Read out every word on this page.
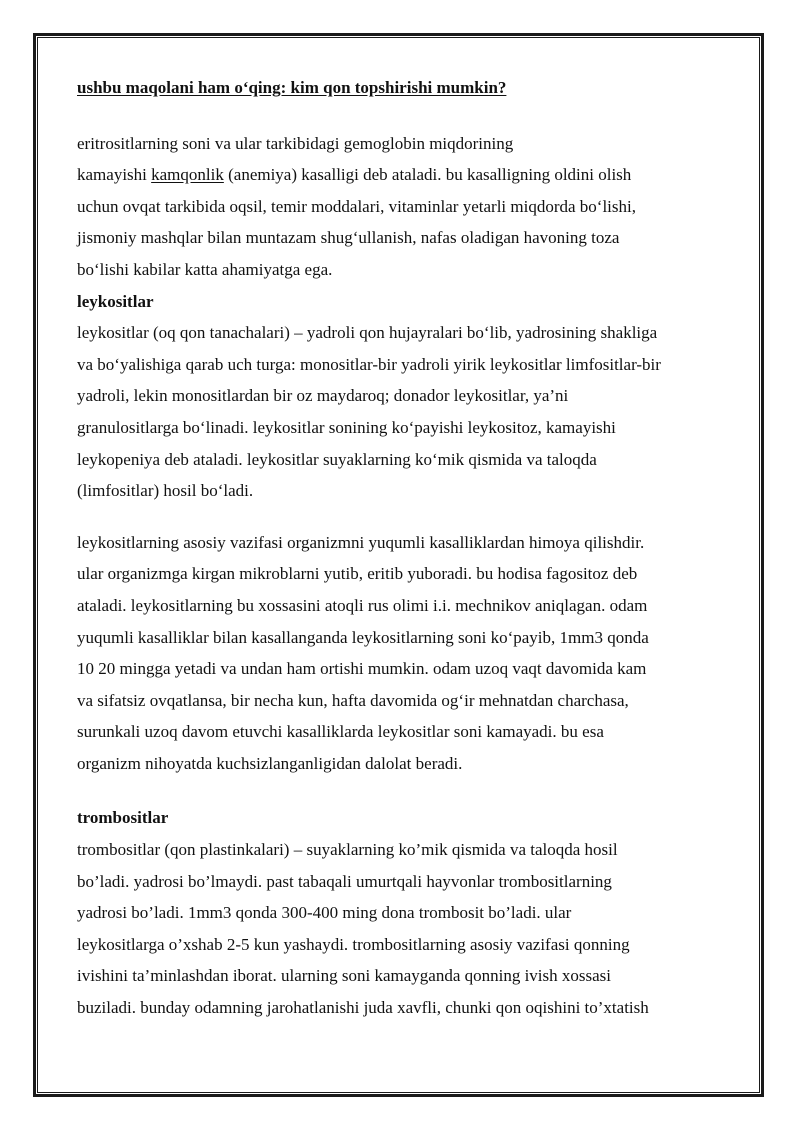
ushbu maqolani ham o‘qing: kim qon topshirishi mumkin?
eritrositlarning soni va ular tarkibidagi gemoglobin miqdorining
kamayishi kamqonlik (anemiya) kasalligi deb ataladi. bu kasalligning oldini olish
uchun ovqat tarkibida oqsil, temir moddalari, vitaminlar yetarli miqdorda bo‘lishi,
jismoniy mashqlar bilan muntazam shug‘ullanish, nafas oladigan havoning toza
bo‘lishi kabilar katta ahamiyatga ega.
leykositlar
leykositlar (oq qon tanachalari) – yadroli qon hujayralari bo‘lib, yadrosining shakliga
va bo‘yalishiga qarab uch turga: monositlar-bir yadroli yirik leykositlar limfositlar-bir
yadroli, lekin monositlardan bir oz maydaroq; donador leykositlar, ya’ni
granulositlarga bo‘linadi. leykositlar sonining ko‘payishi leykositoz, kamayishi
leykopeniya deb ataladi. leykositlar suyaklarning ko‘mik qismida va taloqda
(limfositlar) hosil bo‘ladi.
leykositlarning asosiy vazifasi organizmni yuqumli kasalliklardan himoya qilishdir.
ular organizmga kirgan mikroblarni yutib, eritib yuboradi. bu hodisa fagositoz deb
ataladi. leykositlarning bu xossasini atoqli rus olimi i.i. mechnikov aniqlagan. odam
yuqumli kasalliklar bilan kasallanganda leykositlarning soni ko‘payib, 1mm3 qonda
10 20 mingga yetadi va undan ham ortishi mumkin. odam uzoq vaqt davomida kam
va sifatsiz ovqatlansa, bir necha kun, hafta davomida og‘ir mehnatdan charchasa,
surunkali uzoq davom etuvchi kasalliklarda leykositlar soni kamayadi. bu esa
organizm nihoyatda kuchsizlanganligidan dalolat beradi.
trombositlar
trombositlar (qon plastinkalari) – suyaklarning ko’mik qismida va taloqda hosil
bo’ladi. yadrosi bo’lmaydi. past tabaqali umurtqali hayvonlar trombositlarning
yadrosi bo’ladi. 1mm3 qonda 300-400 ming dona trombosit bo’ladi. ular
leykositlarga o’xshab 2-5 kun yashaydi. trombositlarning asosiy vazifasi qonning
ivishini ta’minlashdan iborat. ularning soni kamayganda qonning ivish xossasi
buziladi. bunday odamning jarohatlanishi juda xavfli, chunki qon oqishini to’xtatish
